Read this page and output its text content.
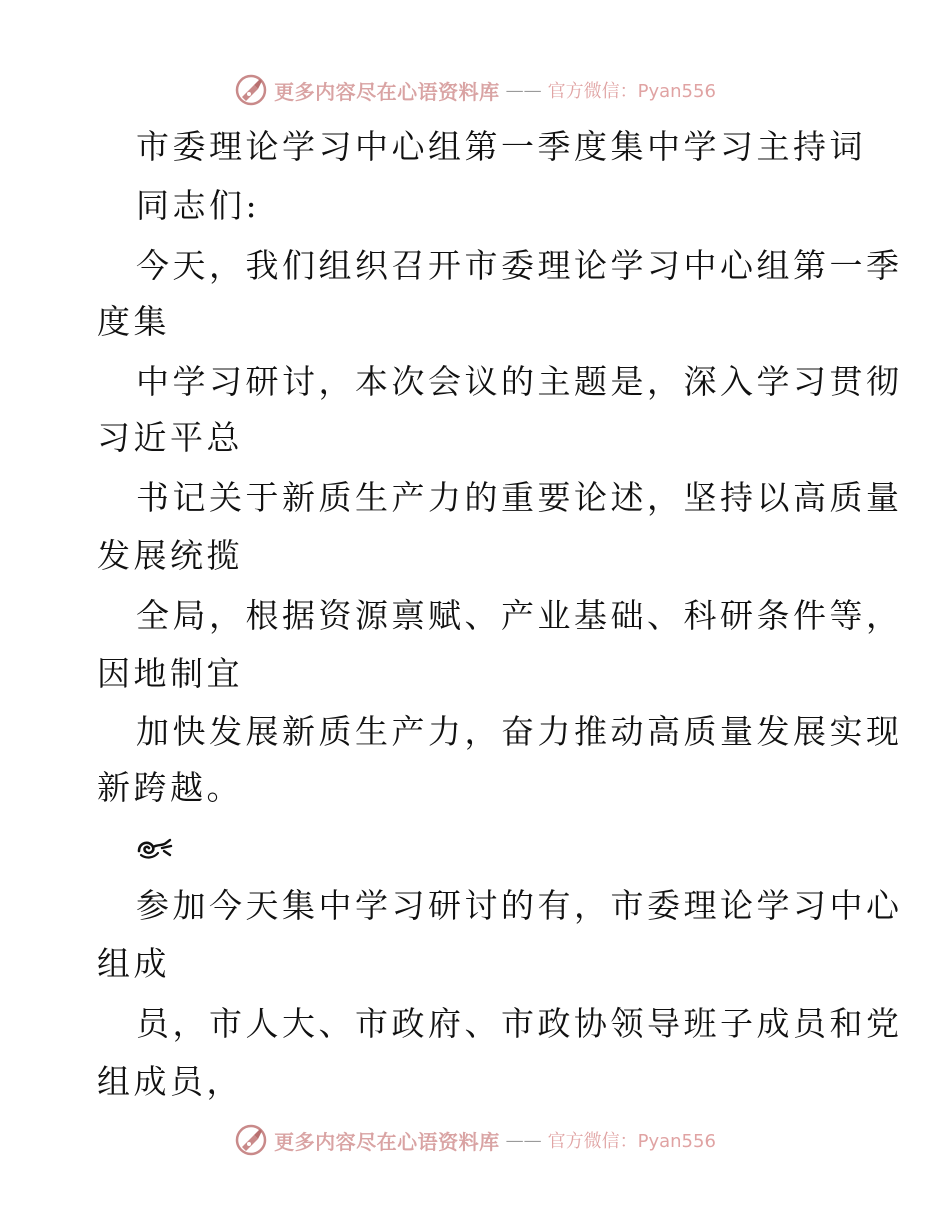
更多内容尽在心语资料库 —— 官方微信：Pyan556
市委理论学习中心组第一季度集中学习主持词
同志们:
今天，我们组织召开市委理论学习中心组第一季
度集
中学习研讨，本次会议的主题是，深入学习贯彻
习近平总
书记关于新质生产力的重要论述，坚持以高质量
发展统揽
全局，根据资源禀赋、产业基础、科研条件等，
因地制宜
加快发展新质生产力，奋力推动高质量发展实现
新跨越。
参加今天集中学习研讨的有，市委理论学习中心
组成
员，市人大、市政府、市政协领导班子成员和党
组成员，
更多内容尽在心语资料库 —— 官方微信：Pyan556
